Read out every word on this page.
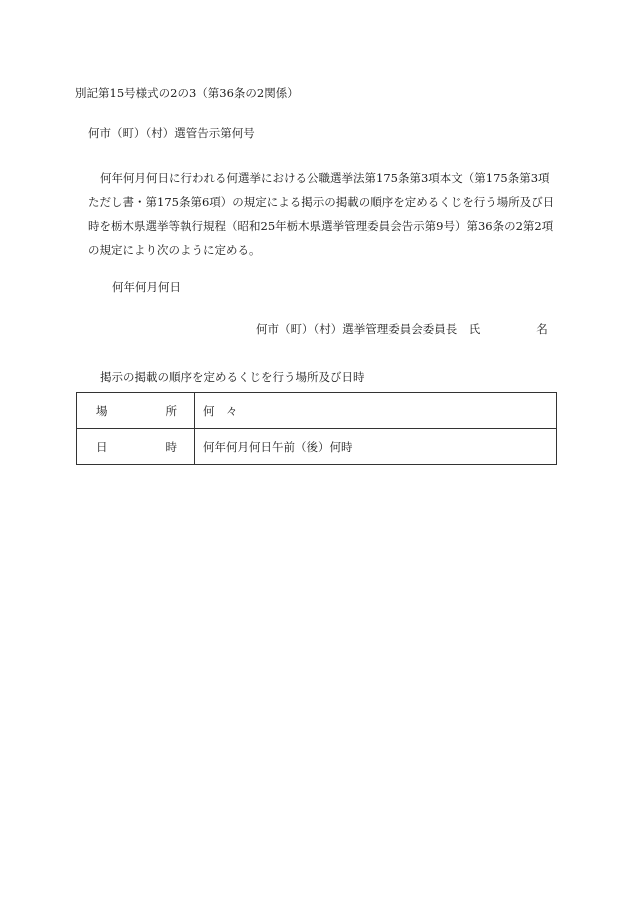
別記第15号様式の2の3（第36条の2関係）
何市（町）（村）選管告示第何号
何年何月何日に行われる何選挙における公職選挙法第175条第3項本文（第175条第3項
ただし書・第175条第6項）の規定による掲示の掲載の順序を定めるくじを行う場所及び日
時を栃木県選挙等執行規程（昭和25年栃木県選挙管理委員会告示第9号）第36条の2第2項
の規定により次のように定める。
何年何月何日
何市（町）（村）選挙管理委員会委員長　 氏	名
掲示の掲載の順序を定めるくじを行う場所及び日時
場 所	何　々

日 時	何年何月何日午前（後）何時
